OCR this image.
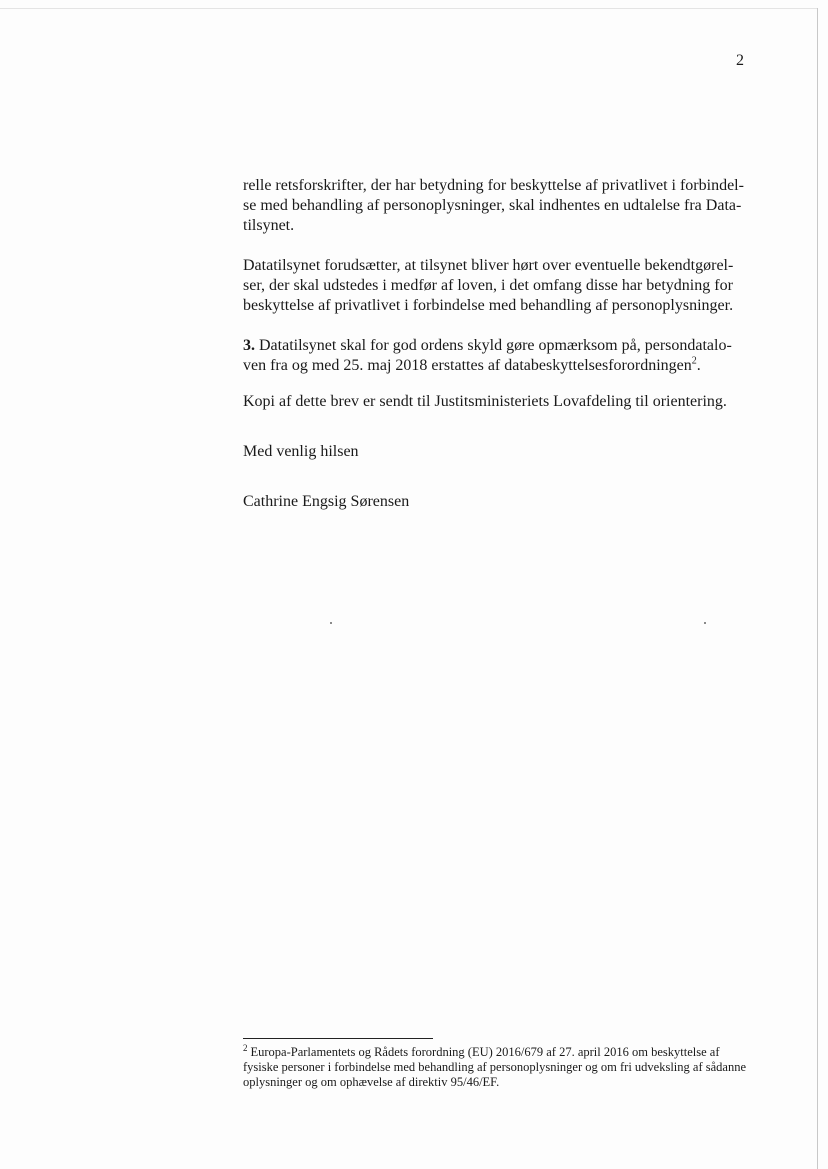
2

relle retsforskrifter, der har betydning for beskyttelse af privatlivet i forbindel-se med behandling af personoplysninger, skal indhentes en udtalelse fra Data-tilsynet.

Datatilsynet forudsætter, at tilsynet bliver hørt over eventuelle bekendtgørel-ser, der skal udstedes i medfør af loven, i det omfang disse har betydning for beskyttelse af privatlivet i forbindelse med behandling af personoplysninger.

3. Datatilsynet skal for god ordens skyld gøre opmærksom på, persondatalo-ven fra og med 25. maj 2018 erstattes af databeskyttelsesforordningen$^2$.

Kopi af dette brev er sendt til Justitsministeriets Lovafdeling til orientering.

Med venlig hilsen

Cathrine Engsig Sørensen

$^2$ Europa-Parlamentets og Rådets forordning (EU) 2016/679 af 27. april 2016 om beskyttelse af fysiske personer i forbindelse med behandling af personoplysninger og om fri udveksling af sådanne oplysninger og om ophævelse af direktiv 95/46/EF.
